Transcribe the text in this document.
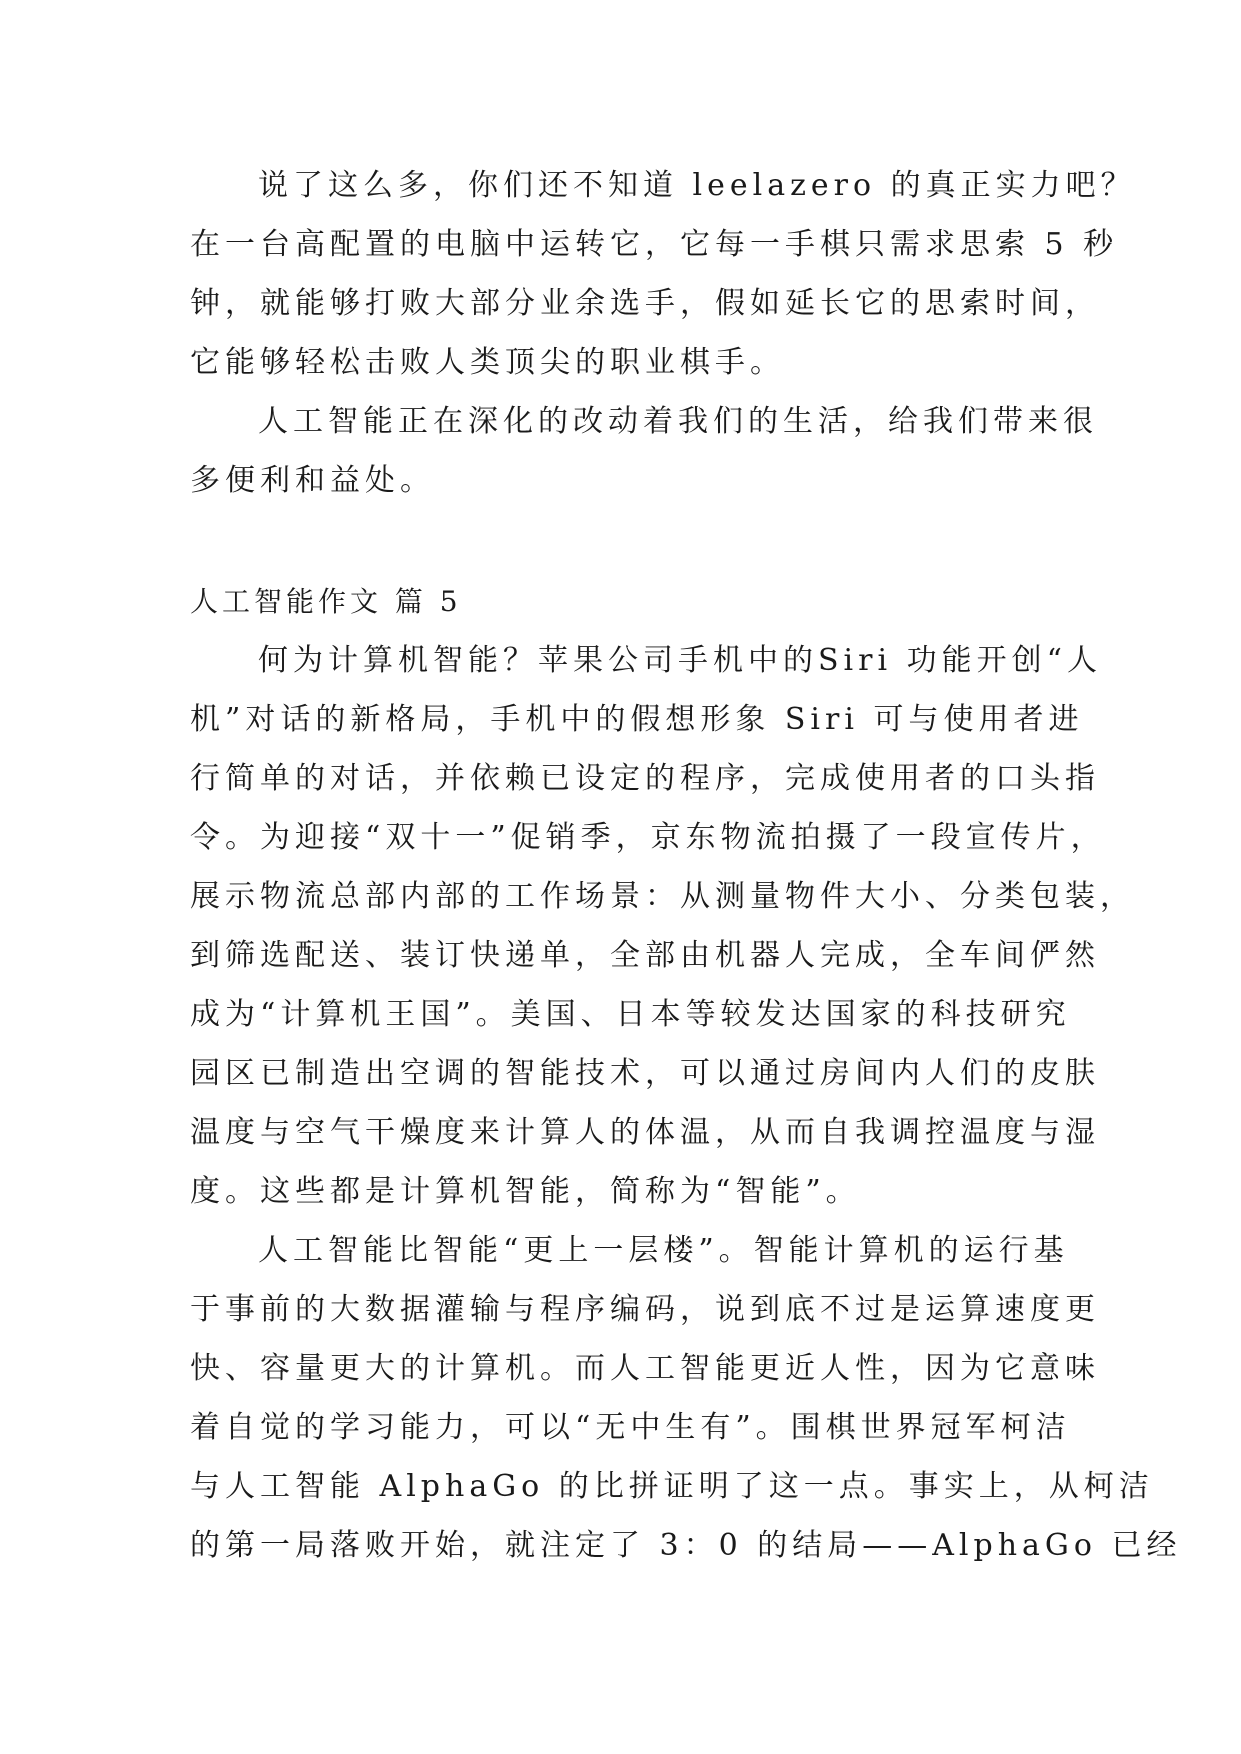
说了这么多，你们还不知道 leelazero 的真正实力吧？
在一台高配置的电脑中运转它，它每一手棋只需求思索 5 秒
钟，就能够打败大部分业余选手，假如延长它的思索时间，
它能够轻松击败人类顶尖的职业棋手。
人工智能正在深化的改动着我们的生活，给我们带来很
多便利和益处。
人工智能作文 篇 5
何为计算机智能？苹果公司手机中的Siri 功能开创“人
机”对话的新格局，手机中的假想形象 Siri 可与使用者进
行简单的对话，并依赖已设定的程序，完成使用者的口头指
令。为迎接“双十一”促销季，京东物流拍摄了一段宣传片，
展示物流总部内部的工作场景：从测量物件大小、分类包装，
到筛选配送、装订快递单，全部由机器人完成，全车间俨然
成为“计算机王国”。美国、日本等较发达国家的科技研究
园区已制造出空调的智能技术，可以通过房间内人们的皮肤
温度与空气干燥度来计算人的体温，从而自我调控温度与湿
度。这些都是计算机智能，简称为“智能”。
人工智能比智能“更上一层楼”。智能计算机的运行基
于事前的大数据灌输与程序编码，说到底不过是运算速度更
快、容量更大的计算机。而人工智能更近人性，因为它意味
着自觉的学习能力，可以“无中生有”。围棋世界冠军柯洁
与人工智能 AlphaGo 的比拼证明了这一点。事实上，从柯洁
的第一局落败开始，就注定了 3：0 的结局——AlphaGo 已经
